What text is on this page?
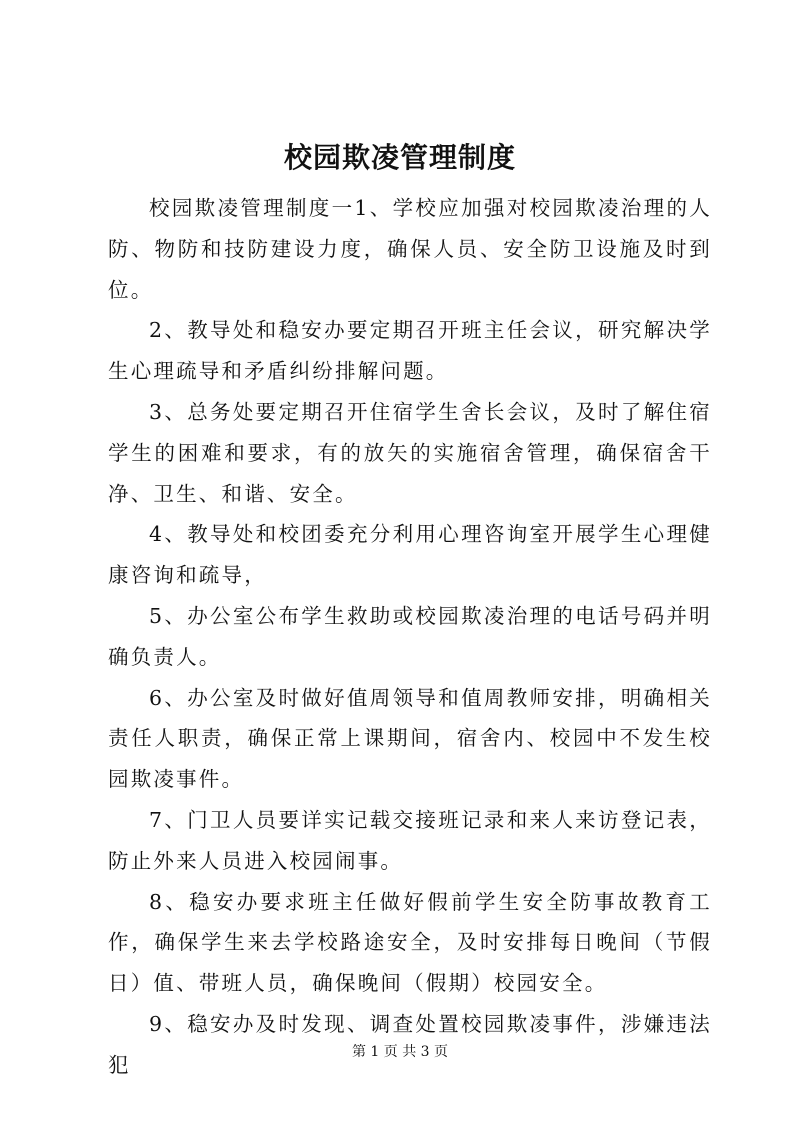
校园欺凌管理制度

校园欺凌管理制度一1、学校应加强对校园欺凌治理的人防、物防和技防建设力度，确保人员、安全防卫设施及时到位。

2、教导处和稳安办要定期召开班主任会议，研究解决学生心理疏导和矛盾纠纷排解问题。

3、总务处要定期召开住宿学生舍长会议，及时了解住宿学生的困难和要求，有的放矢的实施宿舍管理，确保宿舍干净、卫生、和谐、安全。

4、教导处和校团委充分利用心理咨询室开展学生心理健康咨询和疏导，

5、办公室公布学生救助或校园欺凌治理的电话号码并明确负责人。

6、办公室及时做好值周领导和值周教师安排，明确相关责任人职责，确保正常上课期间，宿舍内、校园中不发生校园欺凌事件。

7、门卫人员要详实记载交接班记录和来人来访登记表，防止外来人员进入校园闹事。

8、稳安办要求班主任做好假前学生安全防事故教育工作，确保学生来去学校路途安全，及时安排每日晚间（节假日）值、带班人员，确保晚间（假期）校园安全。

9、稳安办及时发现、调查处置校园欺凌事件，涉嫌违法犯

第 1 页 共 3 页
